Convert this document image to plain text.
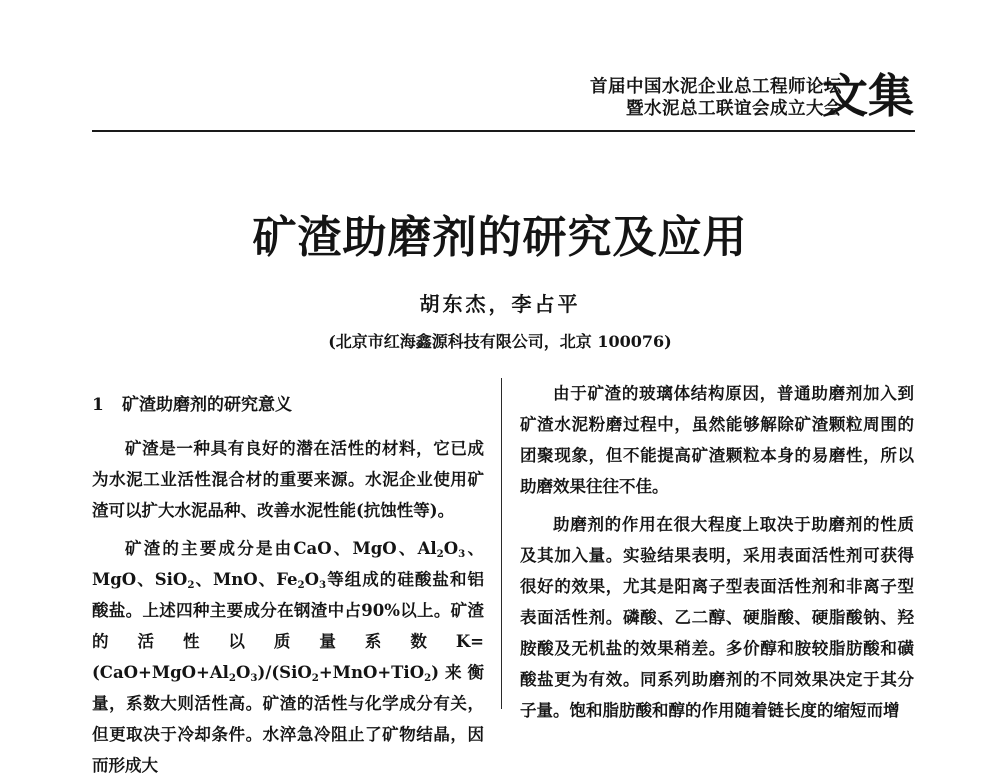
首届中国水泥企业总工程师论坛
暨水泥总工联谊会成立大会
文集
矿渣助磨剂的研究及应用
胡东杰，李占平
(北京市红海鑫源科技有限公司，北京 100076)
1 矿渣助磨剂的研究意义

矿渣是一种具有良好的潜在活性的材料，它已成为水泥工业活性混合材的重要来源。水泥企业使用矿渣可以扩大水泥品种、改善水泥性能(抗蚀性等)。

矿渣的主要成分是由CaO、MgO、$Al_2O_3$、MgO、SiO$_2$、MnO、$Fe_2O_3$等组成的硅酸盐和铝酸盐。上述四种主要成分在钢渣中占90%以上。矿渣的活性以质量系数$K=(CaO+MgO+Al_2O_3)/(SiO_2+MnO+TiO_2)$来衡量，系数大则活性高。矿渣的活性与化学成分有关，但更取决于冷却条件。水淬急冷阻止了矿物结晶，因而形成大

由于矿渣的玻璃体结构原因，普通助磨剂加入到矿渣水泥粉磨过程中，虽然能够解除矿渣颗粒周围的团聚现象，但不能提高矿渣颗粒本身的易磨性，所以助磨效果往往不佳。

助磨剂的作用在很大程度上取决于助磨剂的性质及其加入量。实验结果表明，采用表面活性剂可获得很好的效果，尤其是阳离子型表面活性剂和非离子型表面活性剂。磷酸、乙二醇、硬脂酸、硬脂酸钠、羟胺酸及无机盐的效果稍差。多价醇和胺较脂肪酸和磺酸盐更为有效。同系列助磨剂的不同效果决定于其分子量。饱和脂肪酸和醇的作用随着链长度的缩短而增
